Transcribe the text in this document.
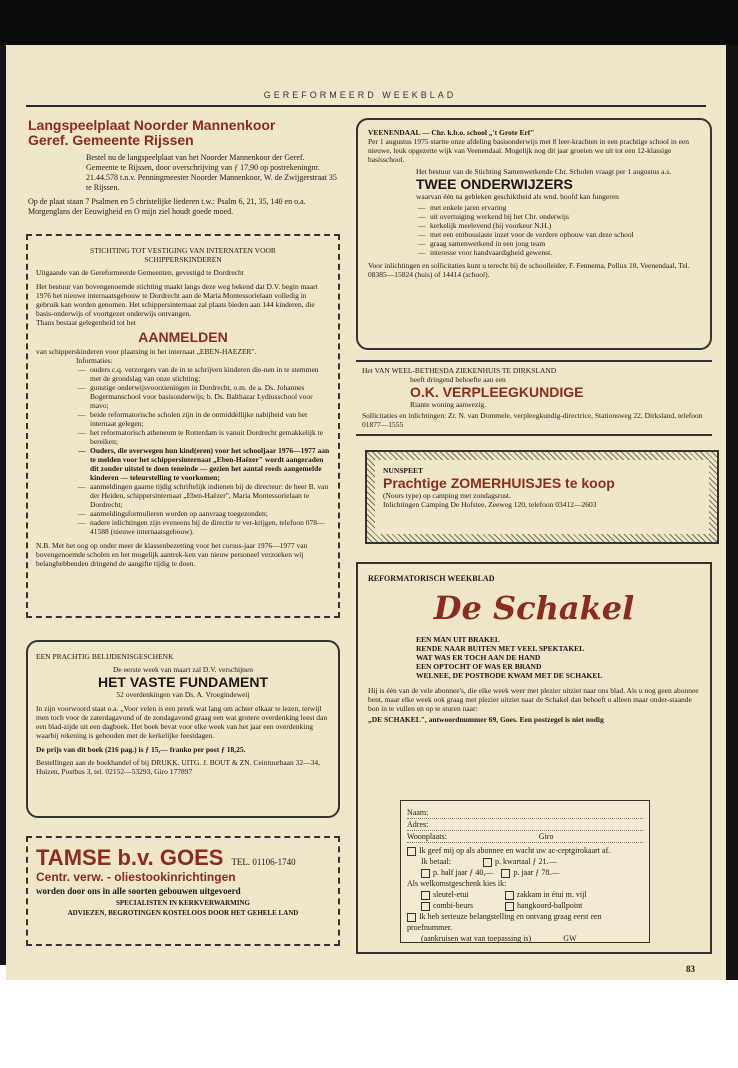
GEREFORMEERD WEEKBLAD
Langspeelplaat Noorder Mannenkoor
Geref. Gemeente Rijssen

Bestel nu de langspeelplaat van het Noorder Mannenkoor der Geref. Gemeente te Rijssen, door overschrijving van ƒ 17,90 op postrekeningnr. 21.44.578 t.n.v. Penningmeester Noorder Mannenkoor, W. de Zwijgerstraat 35 te Rijssen.

Op de plaat staan 7 Psalmen en 5 christelijke liederen t.w.: Psalm 6, 21, 35, 140 en o.a. Morgenglans der Eeuwigheid en O mijn ziel houdt goede moed.

STICHTING TOT VESTIGING VAN INTERNATEN VOOR SCHIPPERSKINDEREN
Uitgaande van de Gereformeerde Gemeenten, gevestigd te Dordrecht

Het bestuur van bovengenoemde stichting maakt langs deze weg bekend dat D.V. begin maart 1976 het nieuwe internaatsgebouw te Dordrecht aan de Maria Montessorielaan volledig in gebruik kan worden genomen. Het schippersinternaat zal plaats bieden aan 144 kinderen, die basis-onderwijs of voortgezet onderwijs ontvangen.

Thans bestaat gelegenheid tot het

AANMELDEN

van schipperskinderen voor plaatsing in het internaat „EBEN-HAEZER".

Informaties:
— ouders c.q. verzorgers van de in te schrijven kinderen die-nen in te stemmen met de grondslag van onze stichting;
— gunstige onderwijsvoorzieningen in Dordrecht, o.m. de a. Ds. Johannes Bogermanschool voor basisonderwijs; b. Ds. Balthazar Lydiusschool voor mavo;
— beide reformatorische scholen zijn in de onmiddellijke nabijheid van het internaat gelegen;
— het reformatorisch atheneum te Rotterdam is vanuit Dordrecht gemakkelijk te bereiken;
— Ouders, die overwegen hun kind(eren) voor het schooljaar 1976—1977 aan te melden voor het schippersinternaat „Eben-Haëzer" wordt aangeraden dit zonder uitstel te doen teneinde — gezien het aantal reeds aangemelde kinderen — teleurstelling te voorkomen;
— aanmeldingen gaarne tijdig schriftelijk indienen bij de directeur: de heer B. van der Heiden, schippersinternaat „Eben-Haëzer", Maria Montessorielaan te Dordrecht;
— aanmeldingsformulieren worden op aanvraag toegezonden;
— nadere inlichtingen zijn eveneens bij de directie te ver-krijgen, telefoon 078—41588 (nieuwe internaatsgebouw).

N.B. Met het oog op onder meer de klassenbezetting voor het cursus-jaar 1976—1977 van bovengenoemde scholen en het mogelijk aantrek-ken van nieuw personeel verzoeken wij belanghebbenden dringend de aangifte tijdig te doen.

EEN PRACHTIG BELIJDENISGESCHENK
De eerste week van maart zal D.V. verschijnen
HET VASTE FUNDAMENT
52 overdenkingen van Ds. A. Vroegindeweij

In zijn voorwoord staat o.a. „Voor velen is een preek wat lang om achter elkaar te lezen, terwijl men toch voor de zaterdagavond of de zondagavond graag een wat grotere overdenking leest dan een blad-zijde uit een dagboek. Het boek bevat voor elke week van het jaar een overdenking waarbij rekening is gehouden met de kerkelijke feestdagen.

De prijs van dit boek (216 pag.) is ƒ 15,— franko per post ƒ 18,25.

Bestellingen aan de boekhandel of bij DRUKK. UITG. J. BOUT & ZN. Ceintuurbaan 32—34, Huizen, Postbus 3, tel. 02152—53293, Giro 177897

TAMSE b.v. GOES TEL. 01106-1740
Centr. verw. - oliestookinrichtingen
worden door ons in alle soorten gebouwen uitgevoerd
SPECIALISTEN IN KERKVERWARMING
ADVIEZEN, BEGROTINGEN KOSTELOOS DOOR HET GEHELE LAND
VEENENDAAL — Chr. k.b.o. school „'t Grote Erf"

Per 1 augustus 1975 startte onze afdeling basisonderwijs met 8 leer-krachten in een prachtige school in een nieuwe, leuk opgezette wijk van Veenendaal. Mogelijk nog dit jaar groeien we uit tot een 12-klassige basisschool.

Het bestuur van de Stichting Samenwerkende Chr. Scholen vraagt per 1 augustus a.s.

TWEE ONDERWIJZERS

waarvan één na gebleken geschiktheid als wnd. hoofd kan fungeren

— met enkele jaren ervaring
— uit overtuiging werkend bij het Chr. onderwijs
— kerkelijk meelevend (bij voorkeur N.H.)
— met een enthousiaste inzet voor de verdere opbouw van deze school
— graag samenwerkend in een jong team
— interesse voor handvaardigheid gewenst.

Voor inlichtingen en sollicitaties kunt u terecht bij de schoolleider, F. Fennema, Pollux 18, Veenendaal, Tel. 08385—15824 (huis) of 14414 (school).

Het VAN WEEL-BETHESDA ZIEKENHUIS TE DIRKSLAND
heeft dringend behoefte aan een
O.K. VERPLEEGKUNDIGE
Riante woning aanwezig.

Sollicitaties en inlichtingen: Zr. N. van Dommele, verpleegkundig-directrice, Stationsweg 22, Dirksland, telefoon 01877—1555

NUNSPEET
Prachtige ZOMERHUISJES te koop
(Noors type) op camping met zondagsrust.
Inlichtingen Camping De Hofstee, Zeeweg 120, telefoon 03412—2603
REFORMATORISCH WEEKBLAD
De Schakel
EEN MAN UIT BRAKEL
RENDE NAAR BUITEN MET VEEL SPEKTAKEL
WAT WAS ER TOCH AAN DE HAND
EEN OPTOCHT OF WAS ER BRAND
WELNEE, DE POSTBODE KWAM MET DE SCHAKEL

Hij is één van de vele abonnee's, die elke week weer met plezier uitziet naar ons blad. Als u nog geen abonnee bent, maar elke week ook graag met plezier uitziet naar de Schakel dan behoeft u alleen maar onder-staande bon in te vullen en op te sturen naar:

„DE SCHAKEL", antwoordnummer 69, Goes. Een postzegel is niet nodig

Naam:
Adres:
Woonplaats:	Giro
Ik geef mij op als abonnee en wacht uw ac-ceptgirokaart af.
Ik betaal:	p. kwartaal ƒ 21.—
p. half jaar ƒ 40,—	p. jaar ƒ 78.—
Als welkomstgeschenk kies ik:
sleutel-etui	zakkam in étui m. vijl
combi-beurs	hangkoord-ballpoint
Ik heb serieuze belangstelling en ontvang graag eerst een proefnummer.
(aankruisen wat van toepassing is)	GW
83
